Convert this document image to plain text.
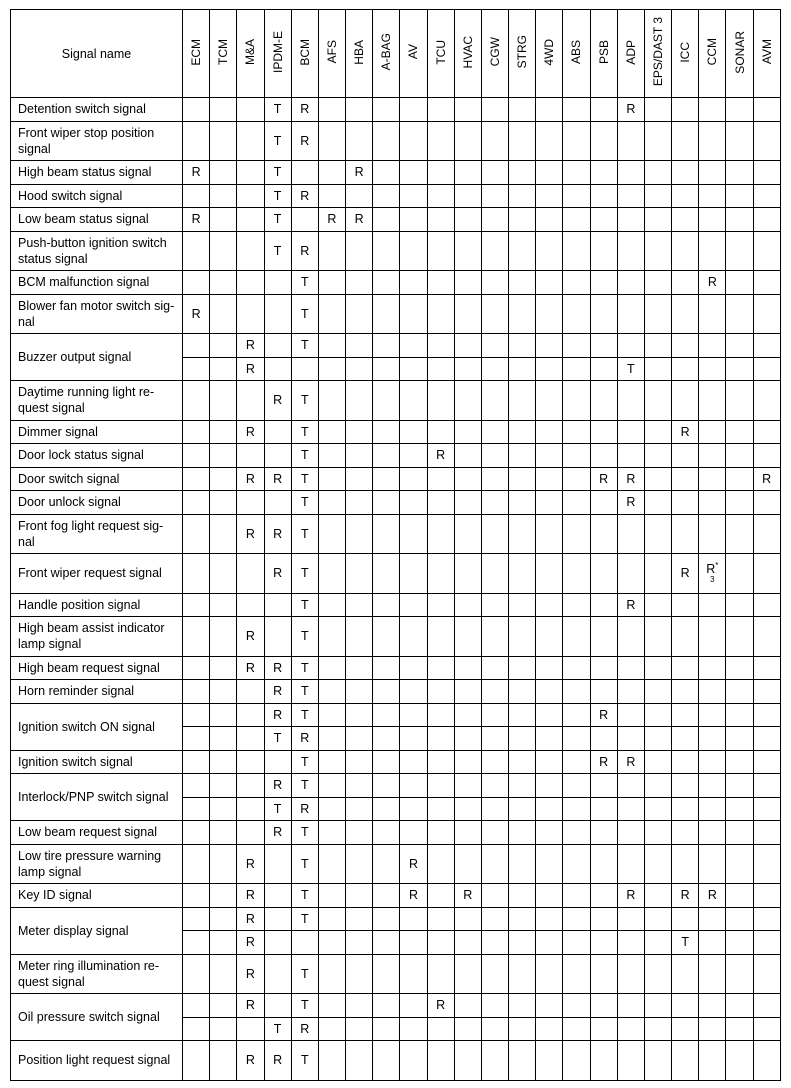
Signal name	ECM	TCM	M&A	IPDM-E	BCM	AFS	HBA	A-BAG	AV	TCU	HVAC	CGW	STRG	4WD	ABS	PSB	ADP	EPS/DAST 3	ICC	CCM	SONAR	AVM
Detention switch signal				T	R												R					
Front wiper stop position signal				T	R																	
High beam status signal	R			T			R															
Hood switch signal				T	R																	
Low beam status signal	R			T		R	R															
Push-button ignition switch status signal				T	R																	
BCM malfunction signal					T															R		
Blower fan motor switch sig-nal	R				T																	
Buzzer output signal			R		T																	
			R														T					
Daytime running light re-quest signal				R	T																	
Dimmer signal			R		T														R			
Door lock status signal					T					R												
Door switch signal			R	R	T											R	R					R
Door unlock signal					T												R					
Front fog light request sig-nal			R	R	T																	
Front wiper request signal				R	T														R	R*
3		

Handle position signal					T												R					
High beam assist indicator lamp signal			R		T																	
High beam request signal			R	R	T																	
Horn reminder signal				R	T																	
Ignition switch ON signal				R	T											R						
				T	R																	
Ignition switch signal					T											R	R					
Interlock/PNP switch signal				R	T																	
				T	R																	
Low beam request signal				R	T																	
Low tire pressure warning lamp signal			R		T				R													
Key ID signal			R		T				R		R						R		R	R		
Meter display signal			R		T																	
			R																T			
Meter ring illumination re-quest signal			R		T																	
Oil pressure switch signal			R		T					R												
				T	R																	
Position light request signal			R	R	T																	
